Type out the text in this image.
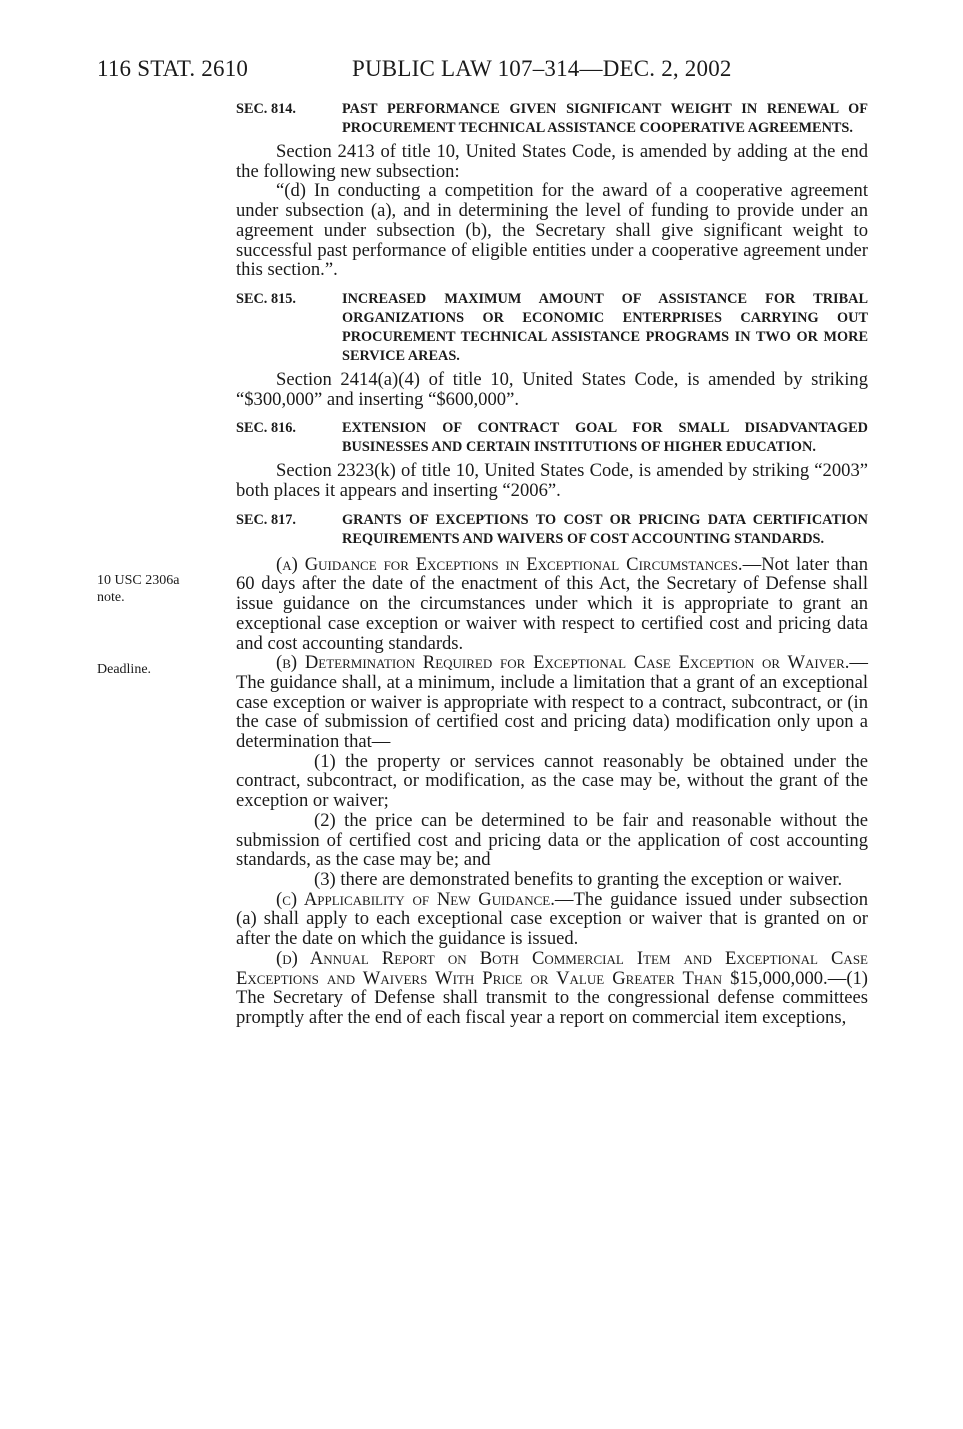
116 STAT. 2610	PUBLIC LAW 107–314—DEC. 2, 2002
10 USC 2306a
note.
Deadline.
SEC. 814.	PAST PERFORMANCE GIVEN SIGNIFICANT WEIGHT IN RENEWAL OF PROCUREMENT TECHNICAL ASSISTANCE COOPERATIVE AGREEMENTS.

Section 2413 of title 10, United States Code, is amended by adding at the end the following new subsection:

“(d) In conducting a competition for the award of a cooperative agreement under subsection (a), and in determining the level of funding to provide under an agreement under subsection (b), the Secretary shall give significant weight to successful past performance of eligible entities under a cooperative agreement under this section.”.

SEC. 815.	INCREASED MAXIMUM AMOUNT OF ASSISTANCE FOR TRIBAL ORGANIZATIONS OR ECONOMIC ENTERPRISES CARRYING OUT PROCUREMENT TECHNICAL ASSISTANCE PROGRAMS IN TWO OR MORE SERVICE AREAS.

Section 2414(a)(4) of title 10, United States Code, is amended by striking “$300,000” and inserting “$600,000”.

SEC. 816.	EXTENSION OF CONTRACT GOAL FOR SMALL DISADVANTAGED BUSINESSES AND CERTAIN INSTITUTIONS OF HIGHER EDUCATION.

Section 2323(k) of title 10, United States Code, is amended by striking “2003” both places it appears and inserting “2006”.

SEC. 817.	GRANTS OF EXCEPTIONS TO COST OR PRICING DATA CERTIFICATION REQUIREMENTS AND WAIVERS OF COST ACCOUNTING STANDARDS.

(a) Guidance for Exceptions in Exceptional Circumstances.—Not later than 60 days after the date of the enactment of this Act, the Secretary of Defense shall issue guidance on the circumstances under which it is appropriate to grant an exceptional case exception or waiver with respect to certified cost and pricing data and cost accounting standards.

(b) Determination Required for Exceptional Case Exception or Waiver.—The guidance shall, at a minimum, include a limitation that a grant of an exceptional case exception or waiver is appropriate with respect to a contract, subcontract, or (in the case of submission of certified cost and pricing data) modification only upon a determination that—

(1) the property or services cannot reasonably be obtained under the contract, subcontract, or modification, as the case may be, without the grant of the exception or waiver;

(2) the price can be determined to be fair and reasonable without the submission of certified cost and pricing data or the application of cost accounting standards, as the case may be; and

(3) there are demonstrated benefits to granting the exception or waiver.

(c) Applicability of New Guidance.—The guidance issued under subsection (a) shall apply to each exceptional case exception or waiver that is granted on or after the date on which the guidance is issued.

(d) Annual Report on Both Commercial Item and Exceptional Case Exceptions and Waivers With Price or Value Greater Than $15,000,000.—(1) The Secretary of Defense shall transmit to the congressional defense committees promptly after the end of each fiscal year a report on commercial item exceptions,
